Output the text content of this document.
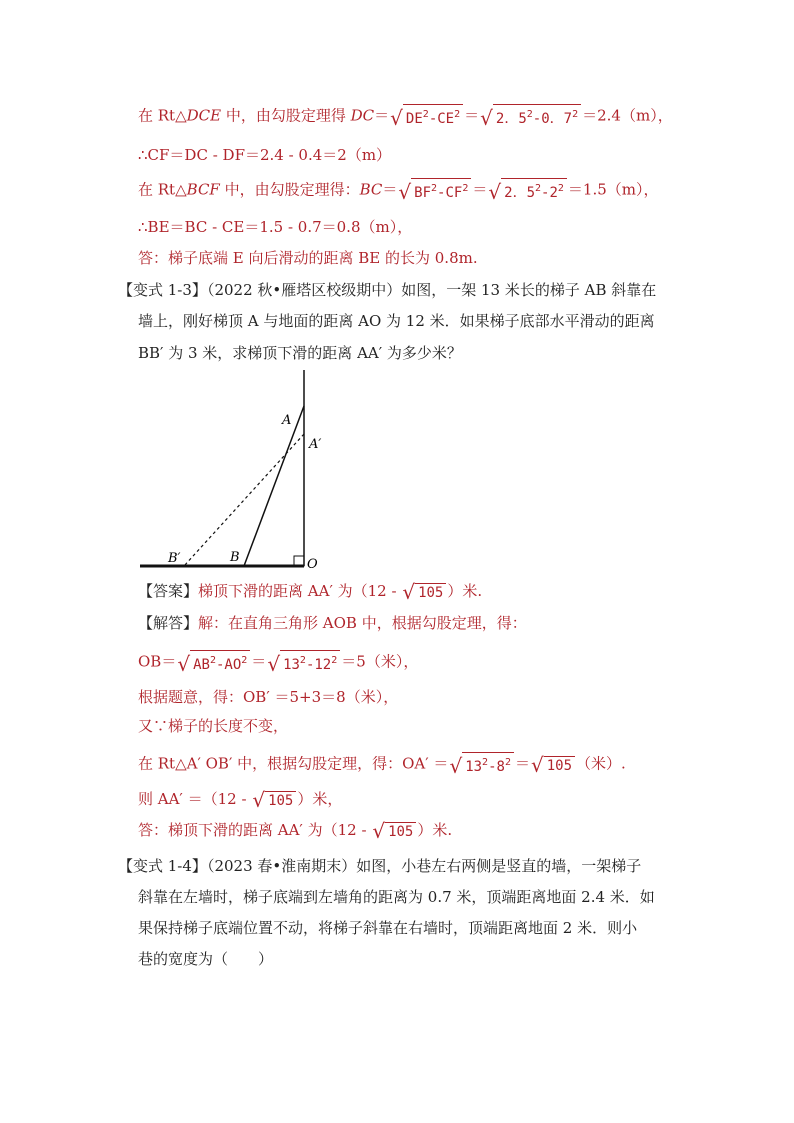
在 Rt△DCE 中，由勾股定理得 DC＝ √ $DE^2-CE^2$ ＝ √ 2．$5^2-0$．$7^2 =2.4(m)$，
∴CF＝DC - DF＝2.4 - 0.4＝2（m）
在 Rt△BCF 中，由勾股定理得：BC＝ √ $BF^2-CF^2$ ＝ √ 2．$5^2-2^2 =1.5(m)$，
∴BE＝BC - CE＝1.5 - 0.7＝0.8（m），
答：梯子底端 E 向后滑动的距离 BE 的长为 0.8m.
【变式 1-3】（2022 秋•雁塔区校级期中）如图，一架 13 米长的梯子 AB 斜靠在
墙上，刚好梯顶 A 与地面的距离 AO 为 12 米．如果梯子底部水平滑动的距离
BB′ 为 3 米，求梯顶下滑的距离 AA′ 为多少米？
A
A′
B
B′	O
【答案】梯顶下滑的距离 AA′ 为（12 - √ 105 ）米.
【解答】解：在直角三角形 AOB 中，根据勾股定理，得：
OB＝ √ $AB^2-AO^2$ ＝ √ $13^2-12^2 =5$（米），
根据题意，得：OB′ ＝5+3＝8（米），
又∵梯子的长度不变，
在 Rt△A′ OB′ 中，根据勾股定理，得：OA′ ＝ √ $13^2-8^2$ ＝ √ 105 （米）.
则 AA′ ＝（12 - √ 105 ）米，
答：梯顶下滑的距离 AA′ 为（12 - √ 105 ）米.
【变式 1-4】（2023 春•淮南期末）如图，小巷左右两侧是竖直的墙，一架梯子
斜靠在左墙时，梯子底端到左墙角的距离为 0.7 米，顶端距离地面 2.4 米．如
果保持梯子底端位置不动，将梯子斜靠在右墙时，顶端距离地面 2 米．则小
巷的宽度为（　　）
